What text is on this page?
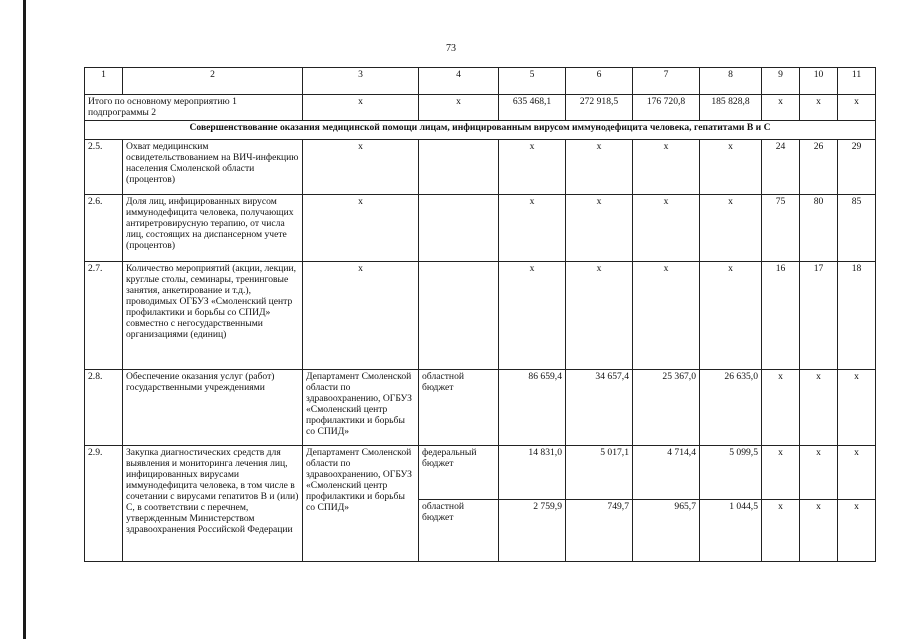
73
1	2	3	4	5	6	7	8	9	10	11
Итого по основному мероприятию 1 подпрограммы 2		x	x	635 468,1	272 918,5	176 720,8	185 828,8	x	x	x
Совершенствование оказания медицинской помощи лицам, инфицированным вирусом иммунодефицита человека, гепатитами В и С										
2.5.	Охват медицинским освидетельствованием на ВИЧ-инфекцию населения Смоленской области (процентов)	x		x	x	x	x	24	26	29
2.6.	Доля лиц, инфицированных вирусом иммунодефицита человека, получающих антиретровирусную терапию, от числа лиц, состоящих на диспансерном учете (процентов)	x		x	x	x	x	75	80	85
2.7.	Количество мероприятий (акции, лекции, круглые столы, семинары, тренинговые занятия, анкетирование и т.д.), проводимых ОГБУЗ «Смоленский центр профилактики и борьбы со СПИД» совместно с негосударственными организациями (единиц)	x		x	x	x	x	16	17	18
2.8.	Обеспечение оказания услуг (работ) государственными учреждениями	Департамент Смоленской области по здравоохранению, ОГБУЗ «Смоленский центр профилактики и борьбы со СПИД»	областной бюджет	86 659,4	34 657,4	25 367,0	26 635,0	x	x	x
2.9.	Закупка диагностических средств для выявления и мониторинга лечения лиц, инфицированных вирусами иммунодефицита человека, в том числе в сочетании с вирусами гепатитов В и (или) С, в соответствии с перечнем, утвержденным Министерством здравоохранения Российской Федерации	Департамент Смоленской области по здравоохранению, ОГБУЗ «Смоленский центр профилактики и борьбы со СПИД»	федеральный бюджет	14 831,0	5 017,1	4 714,4	5 099,5	x	x	x
			областной бюджет	2 759,9	749,7	965,7	1 044,5	x	x	x
